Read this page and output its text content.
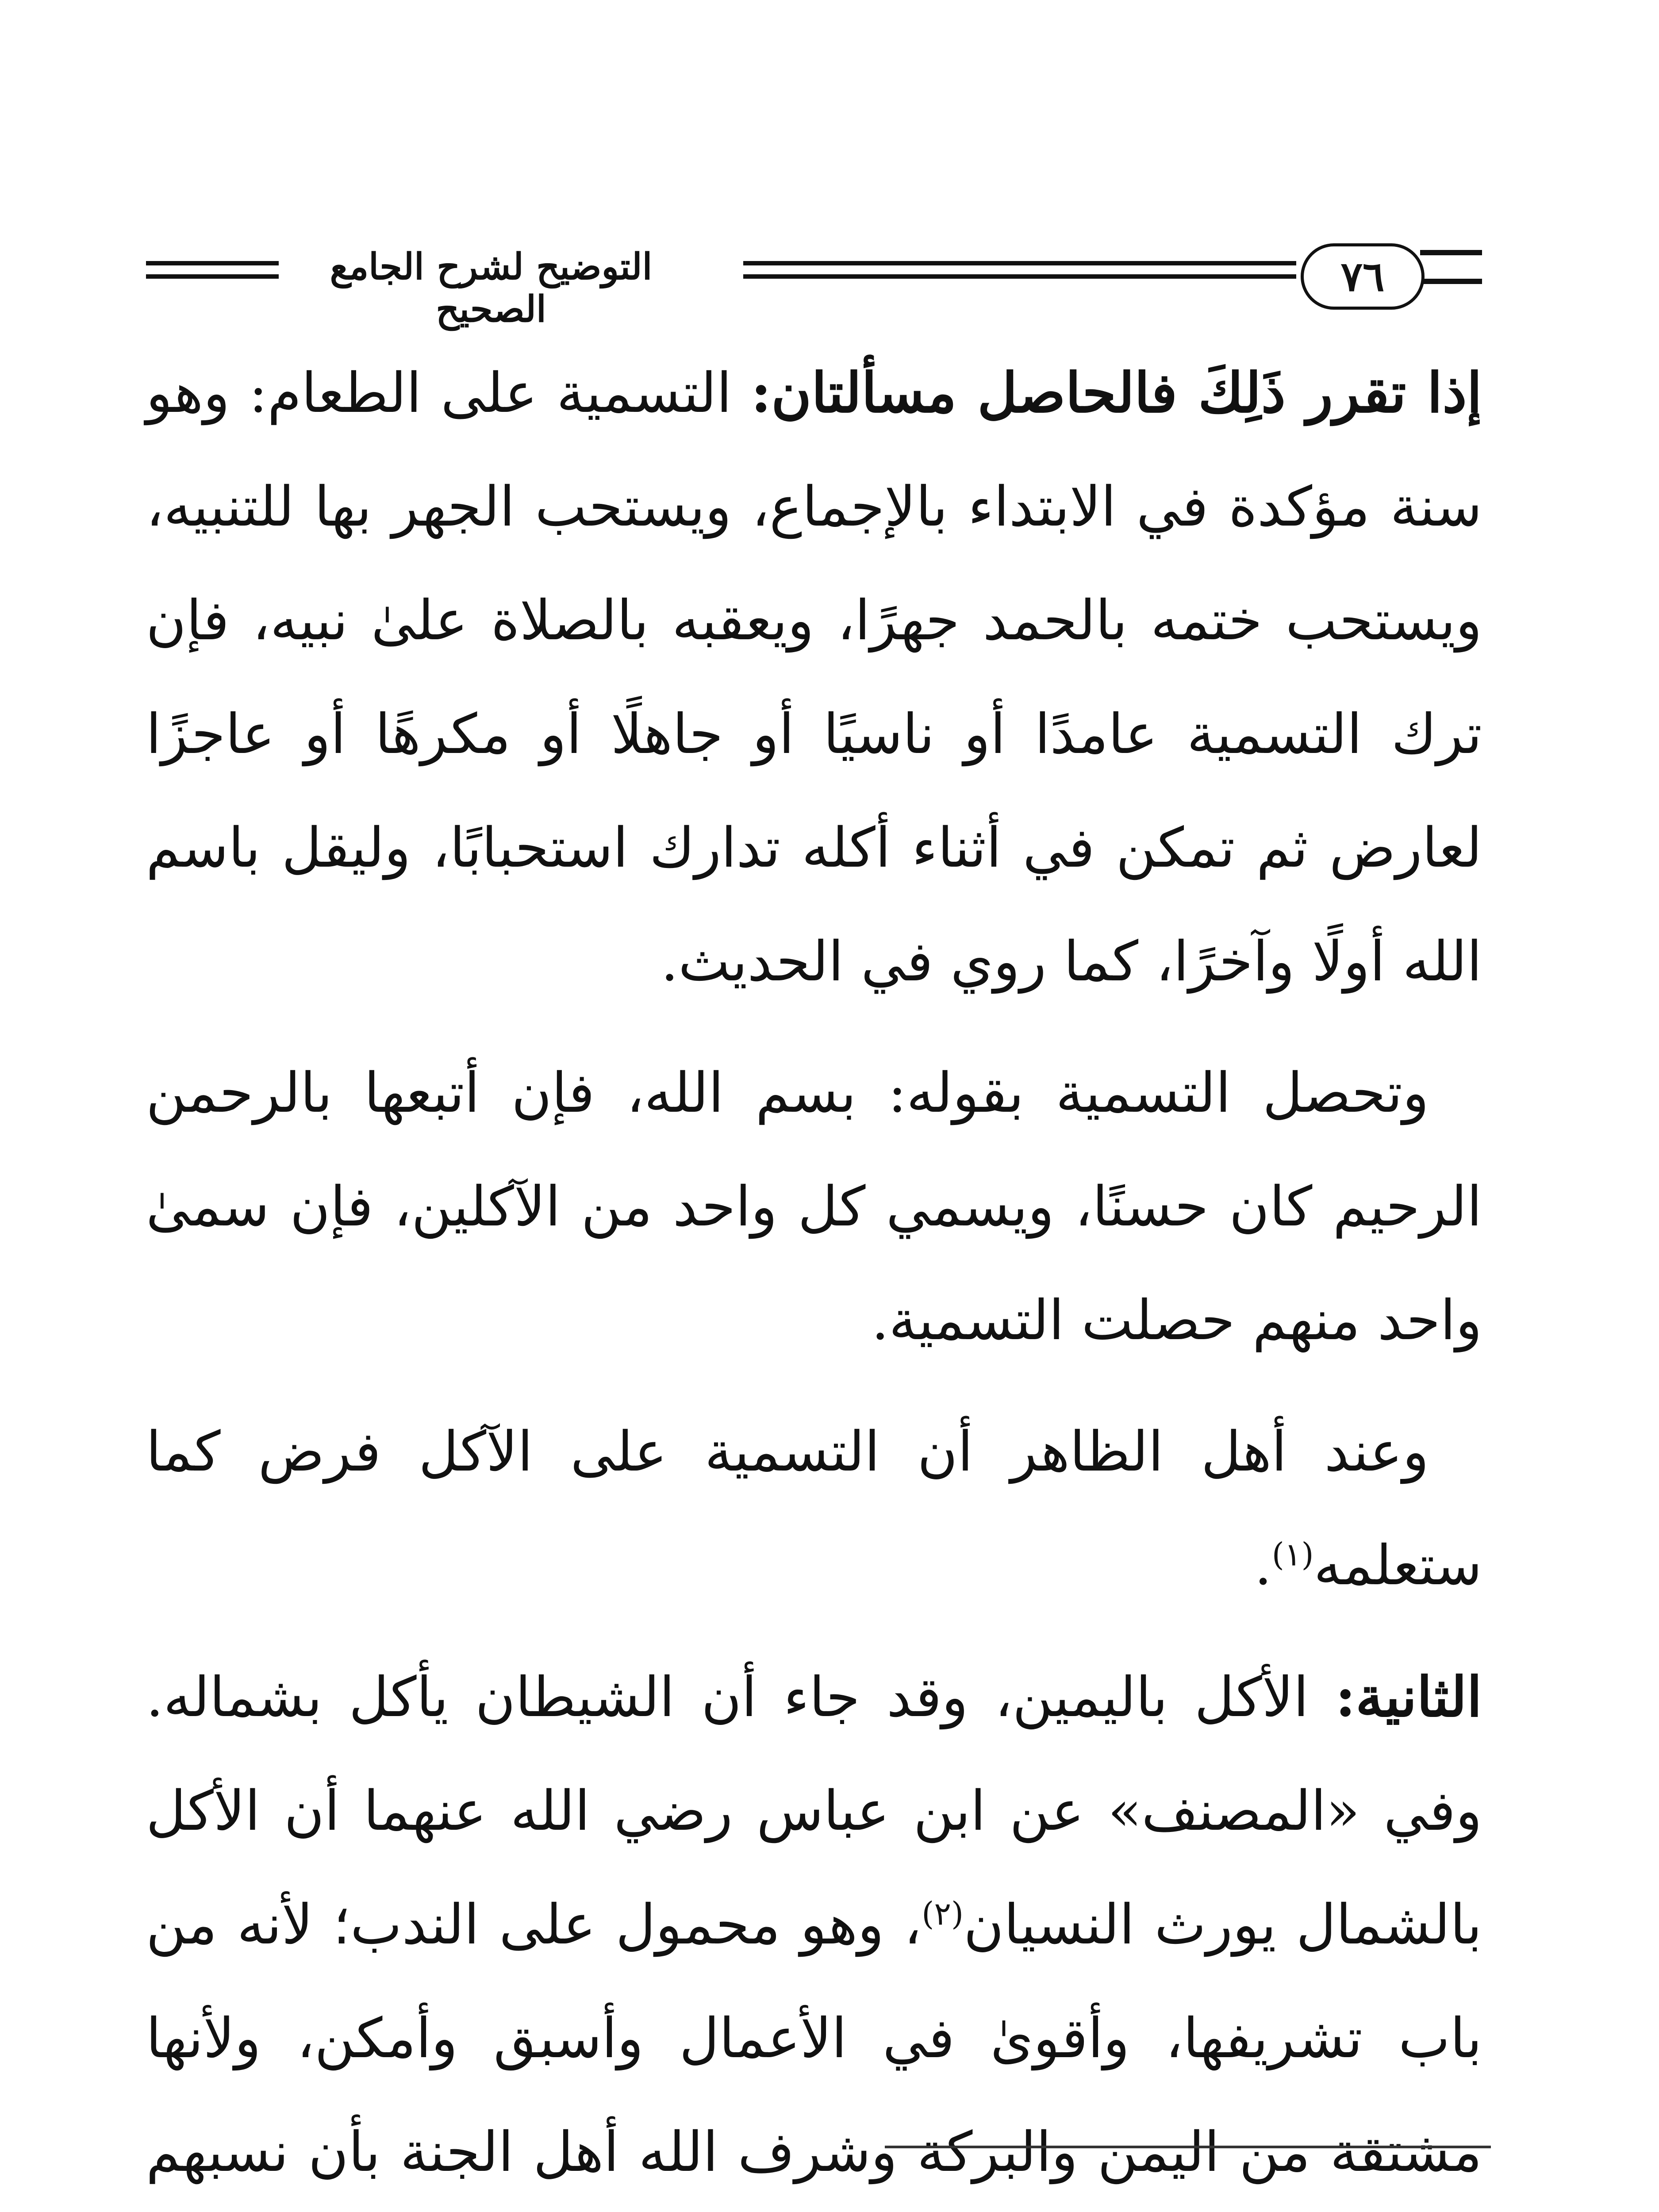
٧٦
التوضيح لشرح الجامع الصحيح

إذا تقرر ذَلِكَ فالحاصل مسألتان: التسمية على الطعام: وهو سنة مؤكدة في الابتداء بالإجماع، ويستحب الجهر بها للتنبيه، ويستحب ختمه بالحمد جهرًا، ويعقبه بالصلاة علىٰ نبيه، فإن ترك التسمية عامدًا أو ناسيًا أو جاهلًا أو مكرهًا أو عاجزًا لعارض ثم تمكن في أثناء أكله تدارك استحبابًا، وليقل باسم الله أولًا وآخرًا، كما روي في الحديث.

وتحصل التسمية بقوله: بسم الله، فإن أتبعها بالرحمن الرحيم كان حسنًا، ويسمي كل واحد من الآكلين، فإن سمىٰ واحد منهم حصلت التسمية.

وعند أهل الظاهر أن التسمية على الآكل فرض كما ستعلمه$^{(١)}$.

الثانية: الأكل باليمين، وقد جاء أن الشيطان يأكل بشماله. وفي «المصنف» عن ابن عباس رضي الله عنهما أن الأكل بالشمال يورث النسيان$^{(٢)}$، وهو محمول على الندب؛ لأنه من باب تشريفها، وأقوىٰ في الأعمال وأسبق وأمكن، ولأنها مشتقة من اليمن والبركة وشرف الله أهل الجنة بأن نسبهم
